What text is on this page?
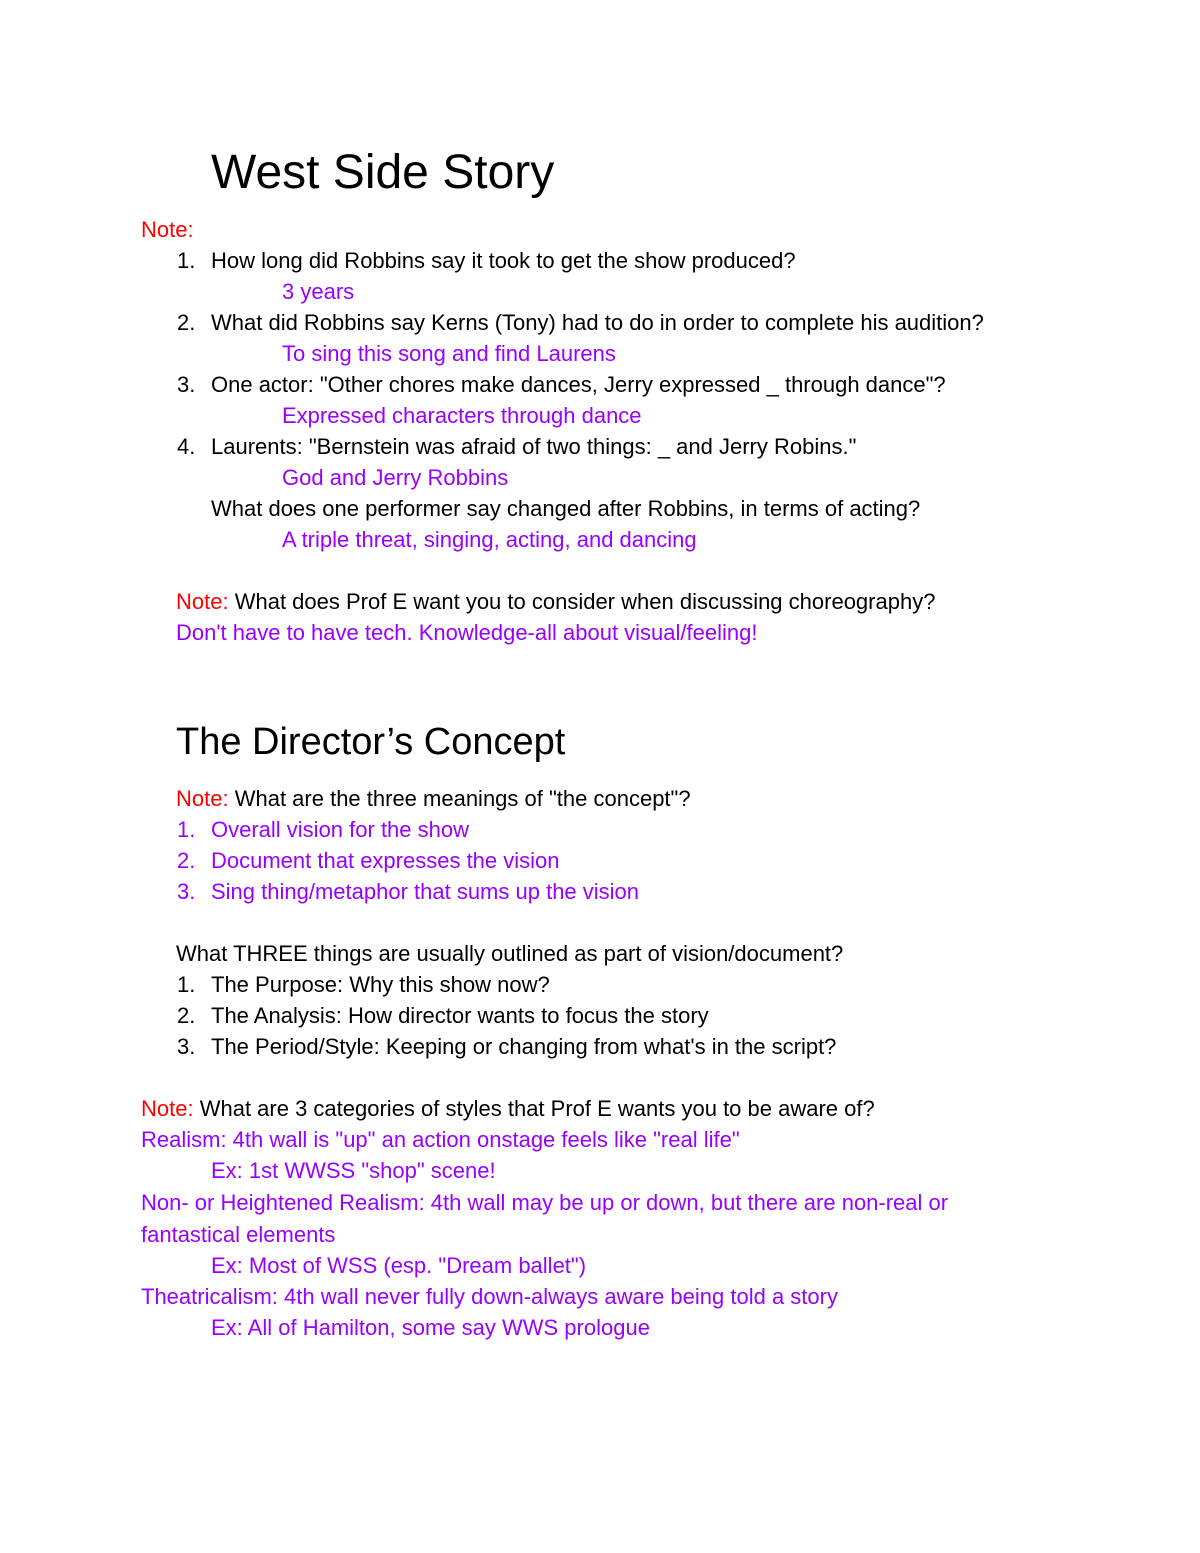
West Side Story
Note:
1. How long did Robbins say it took to get the show produced?
3 years
2. What did Robbins say Kerns (Tony) had to do in order to complete his audition?
To sing this song and find Laurens
3. One actor: "Other chores make dances, Jerry expressed _ through dance"?
Expressed characters through dance
4. Laurents: "Bernstein was afraid of two things: _ and Jerry Robins."
God and Jerry Robbins
What does one performer say changed after Robbins, in terms of acting?
A triple threat, singing, acting, and dancing
Note: What does Prof E want you to consider when discussing choreography?
Don't have to have tech. Knowledge-all about visual/feeling!
The Director’s Concept
Note: What are the three meanings of "the concept"?
1. Overall vision for the show
2. Document that expresses the vision
3. Sing thing/metaphor that sums up the vision
What THREE things are usually outlined as part of vision/document?
1. The Purpose: Why this show now?
2. The Analysis: How director wants to focus the story
3. The Period/Style: Keeping or changing from what's in the script?
Note: What are 3 categories of styles that Prof E wants you to be aware of?
Realism: 4th wall is "up" an action onstage feels like "real life"
Ex: 1st WWSS "shop" scene!
Non- or Heightened Realism: 4th wall may be up or down, but there are non-real or
fantastical elements
Ex: Most of WSS (esp. "Dream ballet")
Theatricalism: 4th wall never fully down-always aware being told a story
Ex: All of Hamilton, some say WWS prologue
